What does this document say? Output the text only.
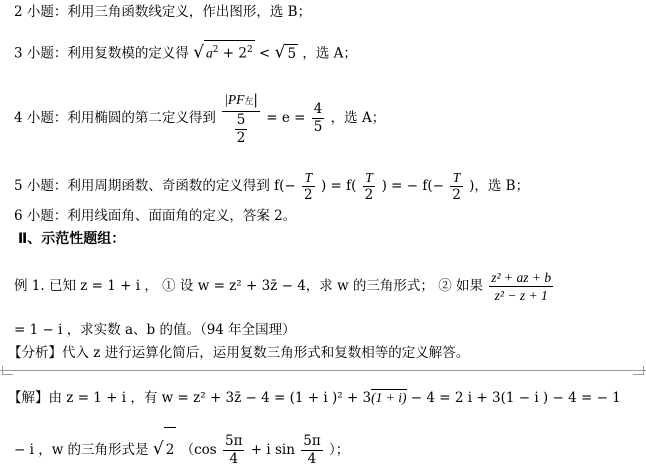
2 小题：利用三角函数线定义，作出图形，选 B；
3 小题：利用复数模的定义得 √ $a^2 + 2^2$ < √ 5 ，选 A；
4 小题：利用椭圆的第二定义得到 $\frac{\text{|PF左|}}{\frac{5}{2}} = e = \frac{4}{5}$ ，选 A；
5 小题：利用周期函数、奇函数的定义得到 $f(- \frac{T}{2}$ ) = $f( \frac{T}{2}$ ) = − $f(- \frac{T}{2}$ )，选 B；
6 小题：利用线面角、面面角的定义，答案 2。
Ⅱ、示范性题组：
例 1. 已知 z = 1 + i ， ① 设 w = z² + 3z̄ − 4，求 w 的三角形式； ② 如果 $\frac{\text{z² + az + b}}{\text{z² − z + 1}}$
= 1 − i ，求实数 a、b 的值。（94 年全国理）
【分析】代入 z 进行运算化简后，运用复数三角形式和复数相等的定义解答。
【解】由 z = 1 + i ，有 w = z² + 3z̄ − 4 = (1 + i )² + 3(1 + i) − 4 = 2 i + 3(1 − i ) − 4 = − 1
− i ，w 的三角形式是 √ 2 （$\cos \frac{5\pi}{4} + i$ $\sin \frac{5\pi}{4}$ ）；
